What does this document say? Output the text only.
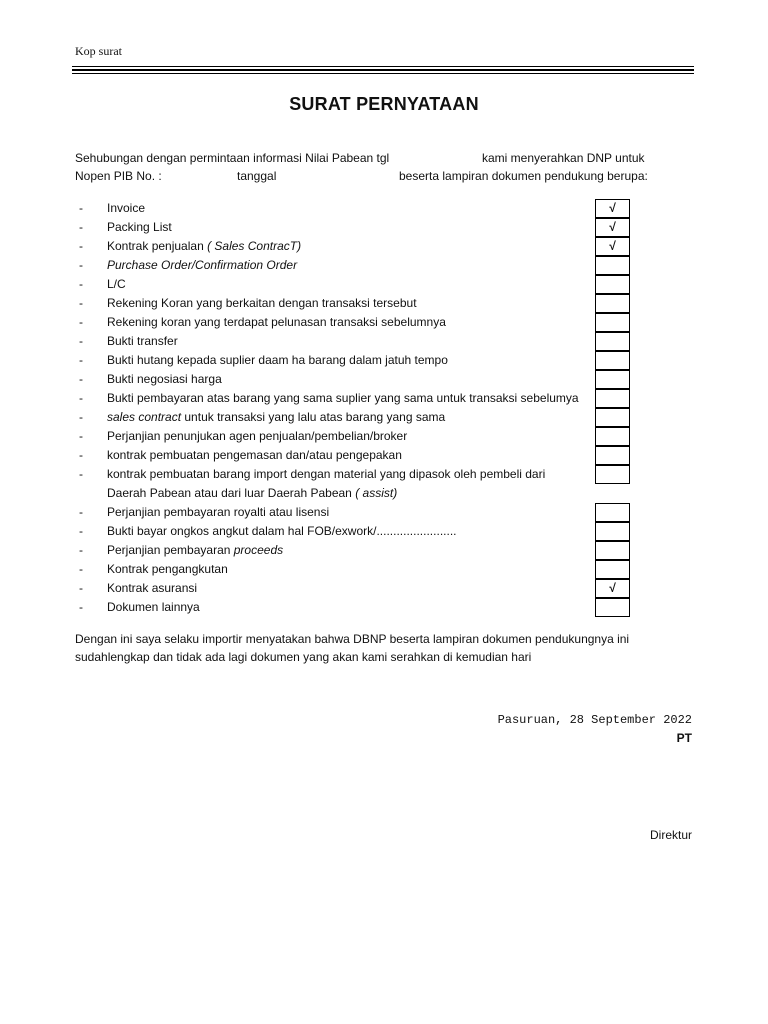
Kop surat
SURAT PERNYATAAN
Sehubungan dengan permintaan informasi Nilai Pabean tgl	kami menyerahkan DNP untuk
Nopen PIB No. :	tanggal	beserta lampiran dokumen pendukung berupa:
- Invoice	√
- Packing List	√
- Kontrak penjualan ( Sales ContracT)	√
- Purchase Order/Confirmation Order
- L/C
- Rekening Koran yang berkaitan dengan transaksi tersebut
- Rekening koran yang terdapat pelunasan transaksi sebelumnya
- Bukti transfer
- Bukti hutang kepada suplier daam ha barang dalam jatuh tempo
- Bukti negosiasi harga
- Bukti pembayaran atas barang yang sama suplier yang sama untuk transaksi sebelumya
- sales contract untuk transaksi yang lalu atas barang yang sama
- Perjanjian penunjukan agen penjualan/pembelian/broker
- kontrak pembuatan pengemasan dan/atau pengepakan
- kontrak pembuatan barang import dengan material yang dipasok oleh pembeli dari
Daerah Pabean atau dari luar Daerah Pabean ( assist)
- Perjanjian pembayaran royalti atau lisensi
- Bukti bayar ongkos angkut dalam hal FOB/exwork/........................
- Perjanjian pembayaran proceeds
- Kontrak pengangkutan
- Kontrak asuransi	√
- Dokumen lainnya
Dengan ini saya selaku importir menyatakan bahwa DBNP beserta lampiran dokumen pendukungnya ini
sudahlengkap dan tidak ada lagi dokumen yang akan kami serahkan di kemudian hari
Pasuruan, 28 September 2022
PT
Direktur
